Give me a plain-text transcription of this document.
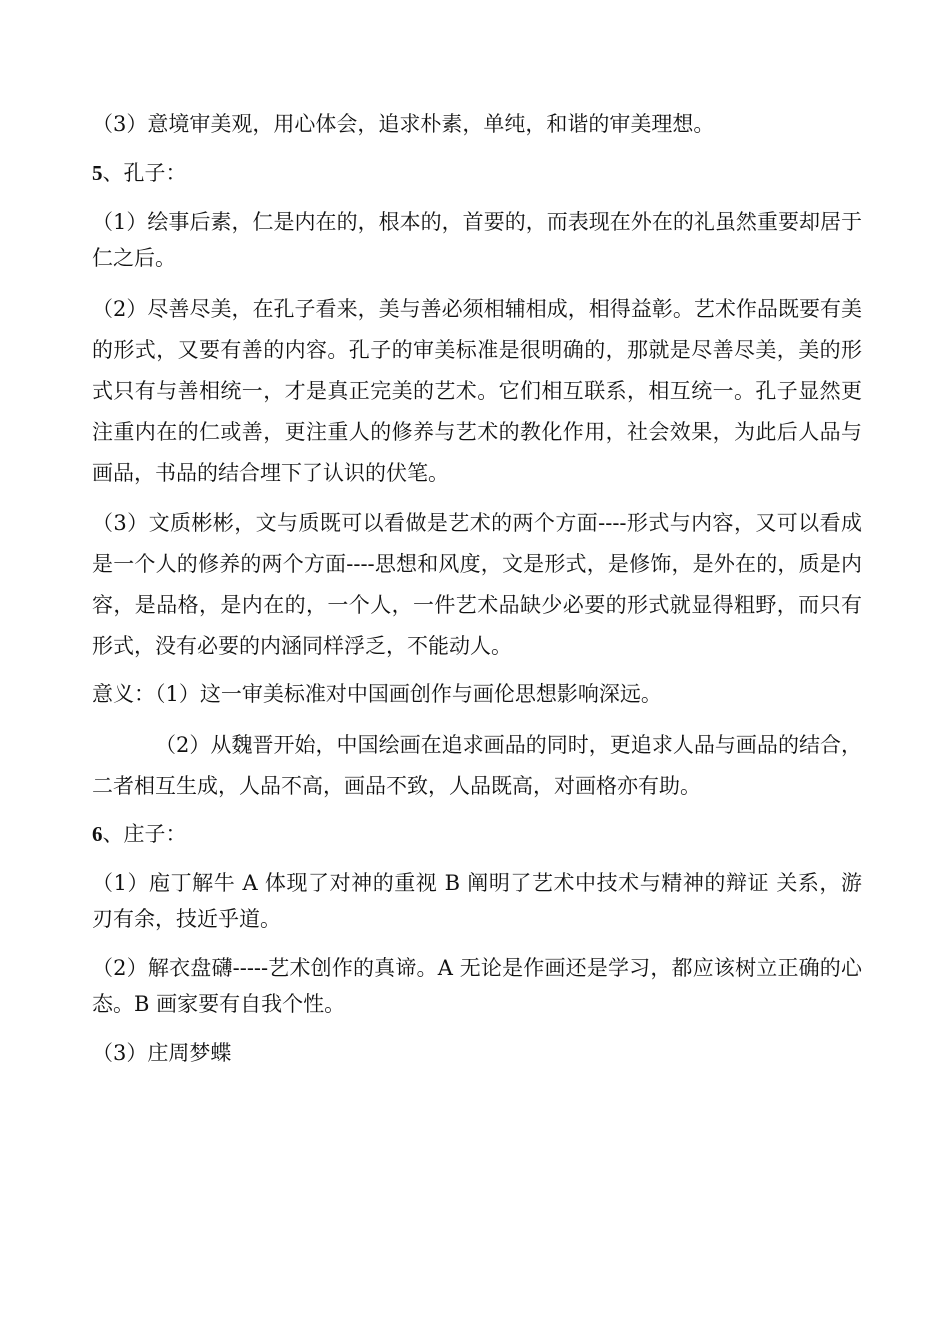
（3）意境审美观，用心体会，追求朴素，单纯，和谐的审美理想。

5、孔子：

（1）绘事后素，仁是内在的，根本的，首要的，而表现在外在的礼虽然重要却居于仁之后。

（2）尽善尽美，在孔子看来，美与善必须相辅相成，相得益彰。艺术作品既要有美的形式，又要有善的内容。孔子的审美标准是很明确的，那就是尽善尽美，美的形式只有与善相统一，才是真正完美的艺术。它们相互联系，相互统一。孔子显然更注重内在的仁或善，更注重人的修养与艺术的教化作用，社会效果，为此后人品与画品，书品的结合埋下了认识的伏笔。

（3）文质彬彬，文与质既可以看做是艺术的两个方面----形式与内容，又可以看成是一个人的修养的两个方面----思想和风度，文是形式，是修饰，是外在的，质是内容，是品格，是内在的，一个人，一件艺术品缺少必要的形式就显得粗野，而只有形式，没有必要的内涵同样浮乏，不能动人。

意义：（1）这一审美标准对中国画创作与画伦思想影响深远。

（2）从魏晋开始，中国绘画在追求画品的同时，更追求人品与画品的结合，二者相互生成，人品不高，画品不致，人品既高，对画格亦有助。

6、庄子：

（1）庖丁解牛 A 体现了对神的重视 B 阐明了艺术中技术与精神的辩证 关系，游刃有余，技近乎道。

（2）解衣盘礴-----艺术创作的真谛。A 无论是作画还是学习，都应该树立正确的心态。B 画家要有自我个性。

（3）庄周梦蝶
